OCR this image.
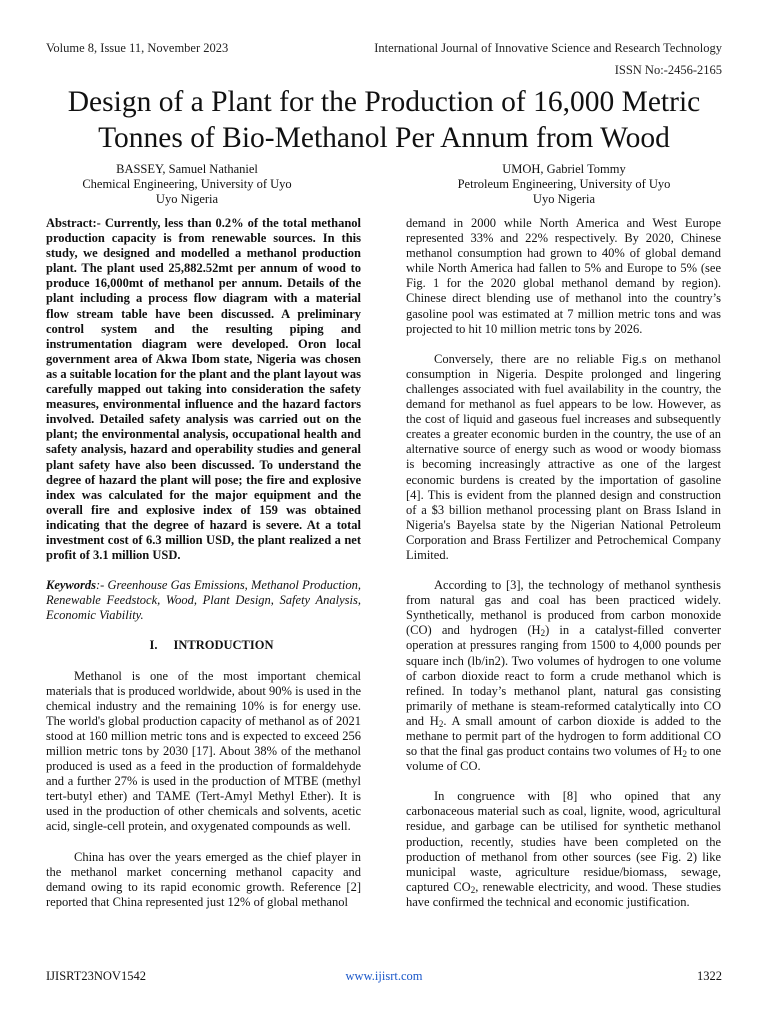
Volume 8, Issue 11, November 2023	International Journal of Innovative Science and Research Technology
ISSN No:-2456-2165
Design of a Plant for the Production of 16,000 Metric Tonnes of Bio-Methanol Per Annum from Wood
BASSEY, Samuel Nathaniel
Chemical Engineering, University of Uyo
Uyo Nigeria
UMOH, Gabriel Tommy
Petroleum Engineering, University of Uyo
Uyo Nigeria

Abstract:- Currently, less than 0.2% of the total methanol production capacity is from renewable sources. In this study, we designed and modelled a methanol production plant. The plant used 25,882.52mt per annum of wood to produce 16,000mt of methanol per annum. Details of the plant including a process flow diagram with a material flow stream table have been discussed. A preliminary control system and the resulting piping and instrumentation diagram were developed. Oron local government area of Akwa Ibom state, Nigeria was chosen as a suitable location for the plant and the plant layout was carefully mapped out taking into consideration the safety measures, environmental influence and the hazard factors involved. Detailed safety analysis was carried out on the plant; the environmental analysis, occupational health and safety analysis, hazard and operability studies and general plant safety have also been discussed. To understand the degree of hazard the plant will pose; the fire and explosive index was calculated for the major equipment and the overall fire and explosive index of 159 was obtained indicating that the degree of hazard is severe. At a total investment cost of 6.3 million USD, the plant realized a net profit of 3.1 million USD.

Keywords:- Greenhouse Gas Emissions, Methanol Production, Renewable Feedstock, Wood, Plant Design, Safety Analysis, Economic Viability.

I. INTRODUCTION

Methanol is one of the most important chemical materials that is produced worldwide, about 90% is used in the chemical industry and the remaining 10% is for energy use. The world's global production capacity of methanol as of 2021 stood at 160 million metric tons and is expected to exceed 256 million metric tons by 2030 [17]. About 38% of the methanol produced is used as a feed in the production of formaldehyde and a further 27% is used in the production of MTBE (methyl tert-butyl ether) and TAME (Tert-Amyl Methyl Ether). It is used in the production of other chemicals and solvents, acetic acid, single-cell protein, and oxygenated compounds as well.

China has over the years emerged as the chief player in the methanol market concerning methanol capacity and demand owing to its rapid economic growth. Reference [2] reported that China represented just 12% of global methanol

demand in 2000 while North America and West Europe represented 33% and 22% respectively. By 2020, Chinese methanol consumption had grown to 40% of global demand while North America had fallen to 5% and Europe to 5% (see Fig. 1 for the 2020 global methanol demand by region). Chinese direct blending use of methanol into the country’s gasoline pool was estimated at 7 million metric tons and was projected to hit 10 million metric tons by 2026.

Conversely, there are no reliable Fig.s on methanol consumption in Nigeria. Despite prolonged and lingering challenges associated with fuel availability in the country, the demand for methanol as fuel appears to be low. However, as the cost of liquid and gaseous fuel increases and subsequently creates a greater economic burden in the country, the use of an alternative source of energy such as wood or woody biomass is becoming increasingly attractive as one of the largest economic burdens is created by the importation of gasoline [4]. This is evident from the planned design and construction of a $3 billion methanol processing plant on Brass Island in Nigeria's Bayelsa state by the Nigerian National Petroleum Corporation and Brass Fertilizer and Petrochemical Company Limited.

According to [3], the technology of methanol synthesis from natural gas and coal has been practiced widely. Synthetically, methanol is produced from carbon monoxide (CO) and hydrogen $(H_2)$ in a catalyst-filled converter operation at pressures ranging from 1500 to 4,000 pounds per square inch (lb/in2). Two volumes of hydrogen to one volume of carbon dioxide react to form a crude methanol which is refined. In today’s methanol plant, natural gas consisting primarily of methane is steam-reformed catalytically into CO and $H_2$. A small amount of carbon dioxide is added to the methane to permit part of the hydrogen to form additional CO so that the final gas product contains two volumes of $H_2$ to one volume of CO.

In congruence with [8] who opined that any carbonaceous material such as coal, lignite, wood, agricultural residue, and garbage can be utilised for synthetic methanol production, recently, studies have been completed on the production of methanol from other sources (see Fig. 2) like municipal waste, agriculture residue/biomass, sewage, captured $CO_2$, renewable electricity, and wood. These studies have confirmed the technical and economic justification.

IJISRT23NOV1542	www.ijisrt.com	1322
